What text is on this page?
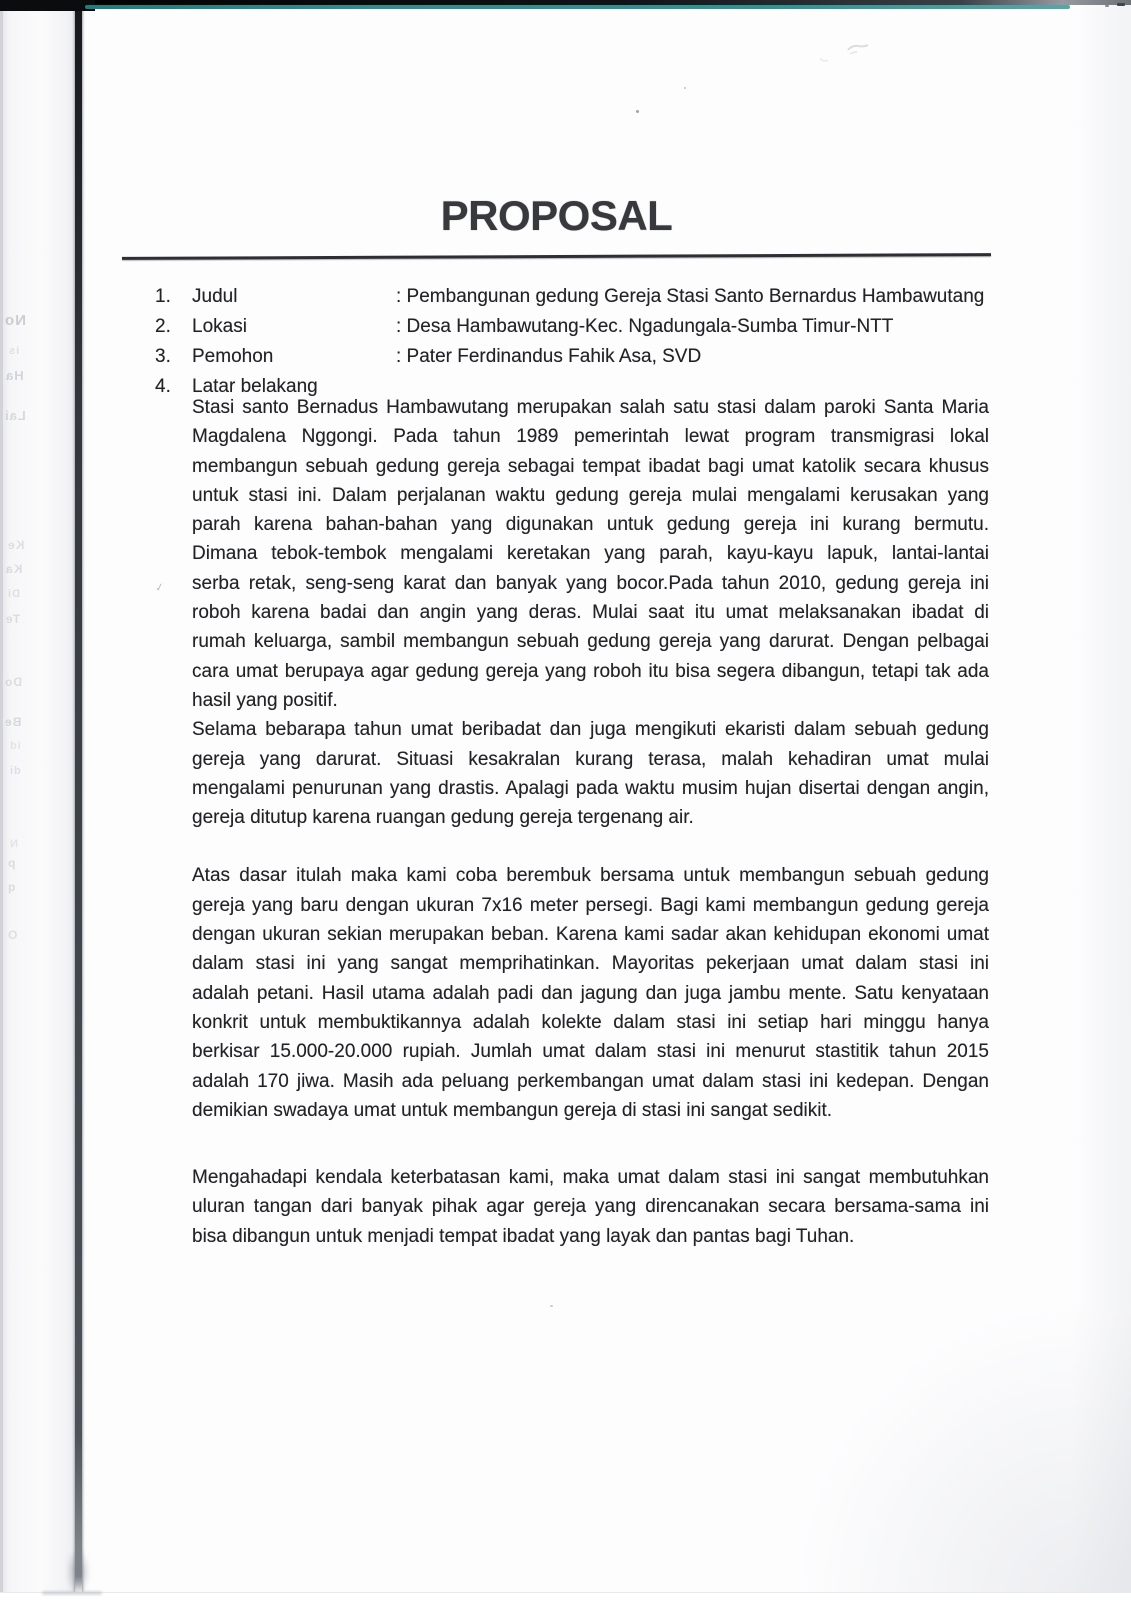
No
is
Ha
Lai
Ke
Ka
Di
Te
Do
Be
id
di
N
p
q
O
✓
PROPOSAL
1.	Judul	: Pembangunan gedung Gereja Stasi Santo Bernardus Hambawutang
2.	Lokasi	: Desa Hambawutang-Kec. Ngadungala-Sumba Timur-NTT
3.	Pemohon	: Pater Ferdinandus Fahik Asa, SVD
4.	Latar belakang
Stasi santo Bernadus Hambawutang merupakan salah satu stasi dalam paroki Santa Maria
Magdalena Nggongi. Pada tahun 1989 pemerintah lewat program transmigrasi lokal
membangun sebuah gedung gereja sebagai tempat ibadat bagi umat katolik secara khusus
untuk stasi ini. Dalam perjalanan waktu gedung gereja mulai mengalami kerusakan yang
parah karena bahan-bahan yang digunakan untuk gedung gereja ini kurang bermutu.
Dimana tebok-tembok mengalami keretakan yang parah, kayu-kayu lapuk, lantai-lantai
serba retak, seng-seng karat dan banyak yang bocor.Pada tahun 2010, gedung gereja ini
roboh karena badai dan angin yang deras. Mulai saat itu umat melaksanakan ibadat di
rumah keluarga, sambil membangun sebuah gedung gereja yang darurat. Dengan pelbagai
cara umat berupaya agar gedung gereja yang roboh itu bisa segera dibangun, tetapi tak ada
hasil yang positif.
Selama bebarapa tahun umat beribadat dan juga mengikuti ekaristi dalam sebuah gedung
gereja yang darurat. Situasi kesakralan kurang terasa, malah kehadiran umat mulai
mengalami penurunan yang drastis. Apalagi pada waktu musim hujan disertai dengan angin,
gereja ditutup karena ruangan gedung gereja tergenang air.
Atas dasar itulah maka kami coba berembuk bersama untuk membangun sebuah gedung
gereja yang baru dengan ukuran 7x16 meter persegi. Bagi kami membangun gedung gereja
dengan ukuran sekian merupakan beban. Karena kami sadar akan kehidupan ekonomi umat
dalam stasi ini yang sangat memprihatinkan. Mayoritas pekerjaan umat dalam stasi ini
adalah petani. Hasil utama adalah padi dan jagung dan juga jambu mente. Satu kenyataan
konkrit untuk membuktikannya adalah kolekte dalam stasi ini setiap hari minggu hanya
berkisar 15.000-20.000 rupiah. Jumlah umat dalam stasi ini menurut stastitik tahun 2015
adalah 170 jiwa. Masih ada peluang perkembangan umat dalam stasi ini kedepan. Dengan
demikian swadaya umat untuk membangun gereja di stasi ini sangat sedikit.
Mengahadapi kendala keterbatasan kami, maka umat dalam stasi ini sangat membutuhkan
uluran tangan dari banyak pihak agar gereja yang direncanakan secara bersama-sama ini
bisa dibangun untuk menjadi tempat ibadat yang layak dan pantas bagi Tuhan.
